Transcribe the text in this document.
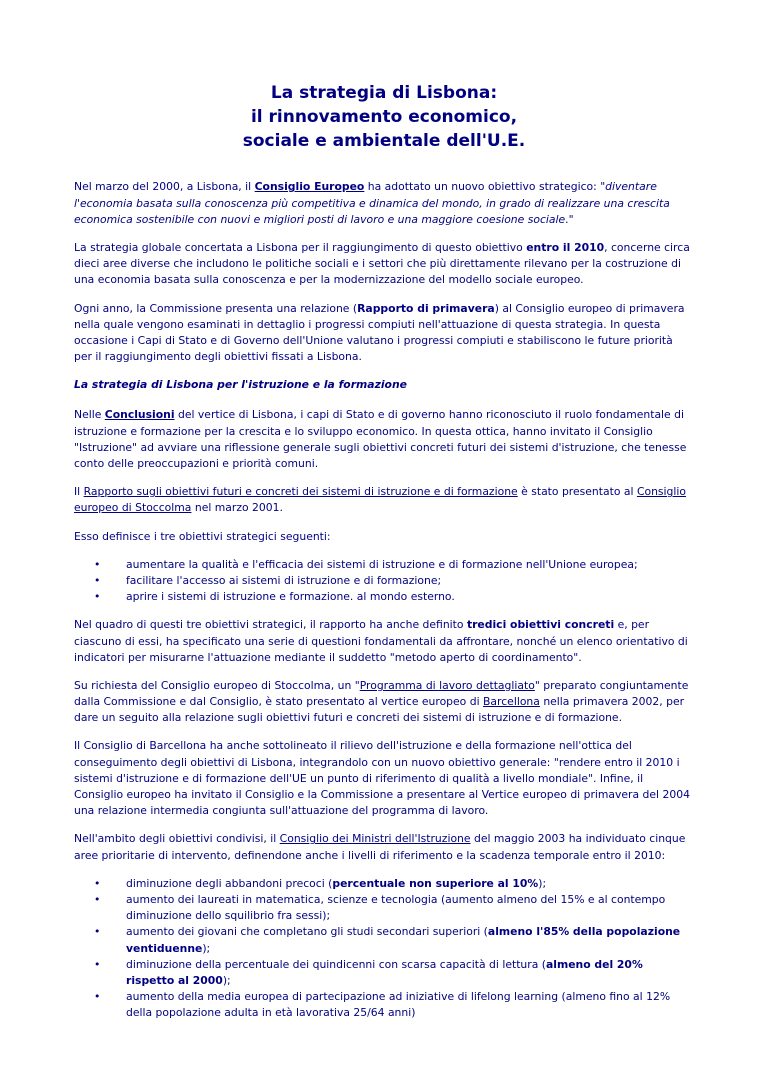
La strategia di Lisbona:
il rinnovamento economico,
sociale e ambientale dell'U.E.

Nel marzo del 2000, a Lisbona, il Consiglio Europeo ha adottato un nuovo obiettivo strategico: "diventare l'economia basata sulla conoscenza più competitiva e dinamica del mondo, in grado di realizzare una crescita economica sostenibile con nuovi e migliori posti di lavoro e una maggiore coesione sociale."

La strategia globale concertata a Lisbona per il raggiungimento di questo obiettivo entro il 2010, concerne circa dieci aree diverse che includono le politiche sociali e i settori che più direttamente rilevano per la costruzione di una economia basata sulla conoscenza e per la modernizzazione del modello sociale europeo.

Ogni anno, la Commissione presenta una relazione (Rapporto di primavera) al Consiglio europeo di primavera nella quale vengono esaminati in dettaglio i progressi compiuti nell'attuazione di questa strategia. In questa occasione i Capi di Stato e di Governo dell'Unione valutano i progressi compiuti e stabiliscono le future priorità per il raggiungimento degli obiettivi fissati a Lisbona.

La strategia di Lisbona per l'istruzione e la formazione

Nelle Conclusioni del vertice di Lisbona, i capi di Stato e di governo hanno riconosciuto il ruolo fondamentale di istruzione e formazione per la crescita e lo sviluppo economico. In questa ottica, hanno invitato il Consiglio "Istruzione" ad avviare una riflessione generale sugli obiettivi concreti futuri dei sistemi d'istruzione, che tenesse conto delle preoccupazioni e priorità comuni.

Il Rapporto sugli obiettivi futuri e concreti dei sistemi di istruzione e di formazione è stato presentato al Consiglio europeo di Stoccolma nel marzo 2001.

Esso definisce i tre obiettivi strategici seguenti:

• aumentare la qualità e l'efficacia dei sistemi di istruzione e di formazione nell'Unione europea;
• facilitare l'accesso ai sistemi di istruzione e di formazione;
• aprire i sistemi di istruzione e formazione. al mondo esterno.

Nel quadro di questi tre obiettivi strategici, il rapporto ha anche definito tredici obiettivi concreti e, per ciascuno di essi, ha specificato una serie di questioni fondamentali da affrontare, nonché un elenco orientativo di indicatori per misurarne l'attuazione mediante il suddetto "metodo aperto di coordinamento".

Su richiesta del Consiglio europeo di Stoccolma, un "Programma di lavoro dettagliato" preparato congiuntamente dalla Commissione e dal Consiglio, è stato presentato al vertice europeo di Barcellona nella primavera 2002, per dare un seguito alla relazione sugli obiettivi futuri e concreti dei sistemi di istruzione e di formazione.

Il Consiglio di Barcellona ha anche sottolineato il rilievo dell'istruzione e della formazione nell'ottica del conseguimento degli obiettivi di Lisbona, integrandolo con un nuovo obiettivo generale: "rendere entro il 2010 i sistemi d'istruzione e di formazione dell'UE un punto di riferimento di qualità a livello mondiale". Infine, il Consiglio europeo ha invitato il Consiglio e la Commissione a presentare al Vertice europeo di primavera del 2004 una relazione intermedia congiunta sull'attuazione del programma di lavoro.

Nell'ambito degli obiettivi condivisi, il Consiglio dei Ministri dell'Istruzione del maggio 2003 ha individuato cinque aree prioritarie di intervento, definendone anche i livelli di riferimento e la scadenza temporale entro il 2010:

• diminuzione degli abbandoni precoci (percentuale non superiore al 10%);
• aumento dei laureati in matematica, scienze e tecnologia (aumento almeno del 15% e al contempo diminuzione dello squilibrio fra sessi);
• aumento dei giovani che completano gli studi secondari superiori (almeno l'85% della popolazione ventiduenne);
• diminuzione della percentuale dei quindicenni con scarsa capacità di lettura (almeno del 20% rispetto al 2000);
• aumento della media europea di partecipazione ad iniziative di lifelong learning (almeno fino al 12% della popolazione adulta in età lavorativa 25/64 anni)
